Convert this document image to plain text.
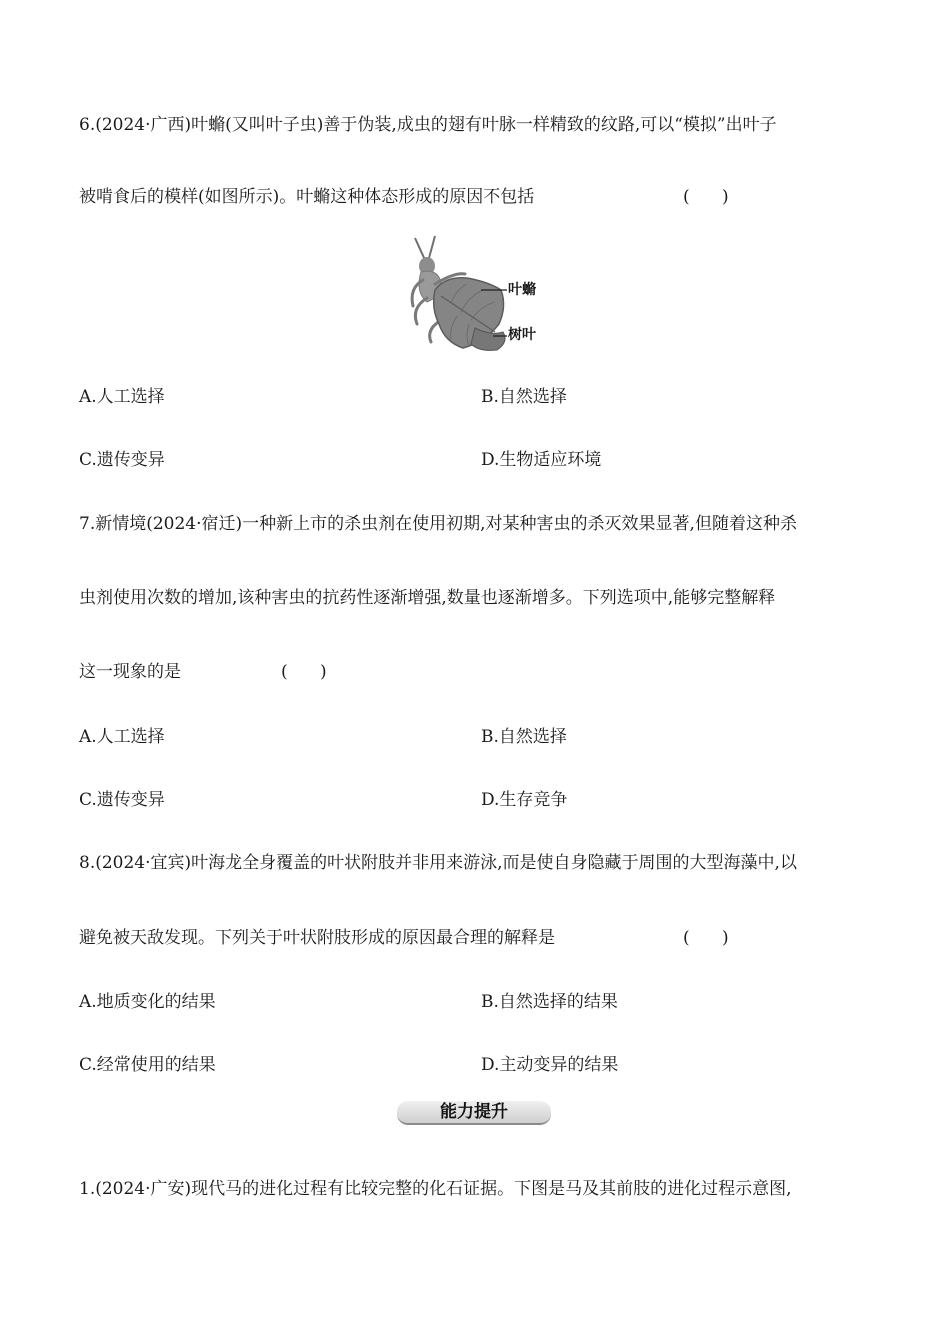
6.(2024·广西)叶䗛(又叫叶子虫)善于伪装,成虫的翅有叶脉一样精致的纹路,可以“模拟”出叶子
被啃食后的模样(如图所示)。叶䗛这种体态形成的原因不包括	(      )
叶䗛
树叶
A.人工选择	B.自然选择
C.遗传变异	D.生物适应环境
7.新情境(2024·宿迁)一种新上市的杀虫剂在使用初期,对某种害虫的杀灭效果显著,但随着这种杀
虫剂使用次数的增加,该种害虫的抗药性逐渐增强,数量也逐渐增多。下列选项中,能够完整解释
这一现象的是	(      )
A.人工选择	B.自然选择
C.遗传变异	D.生存竞争
8.(2024·宜宾)叶海龙全身覆盖的叶状附肢并非用来游泳,而是使自身隐藏于周围的大型海藻中,以
避免被天敌发现。下列关于叶状附肢形成的原因最合理的解释是	(      )
A.地质变化的结果	B.自然选择的结果
C.经常使用的结果	D.主动变异的结果
能力提升
1.(2024·广安)现代马的进化过程有比较完整的化石证据。下图是马及其前肢的进化过程示意图,
